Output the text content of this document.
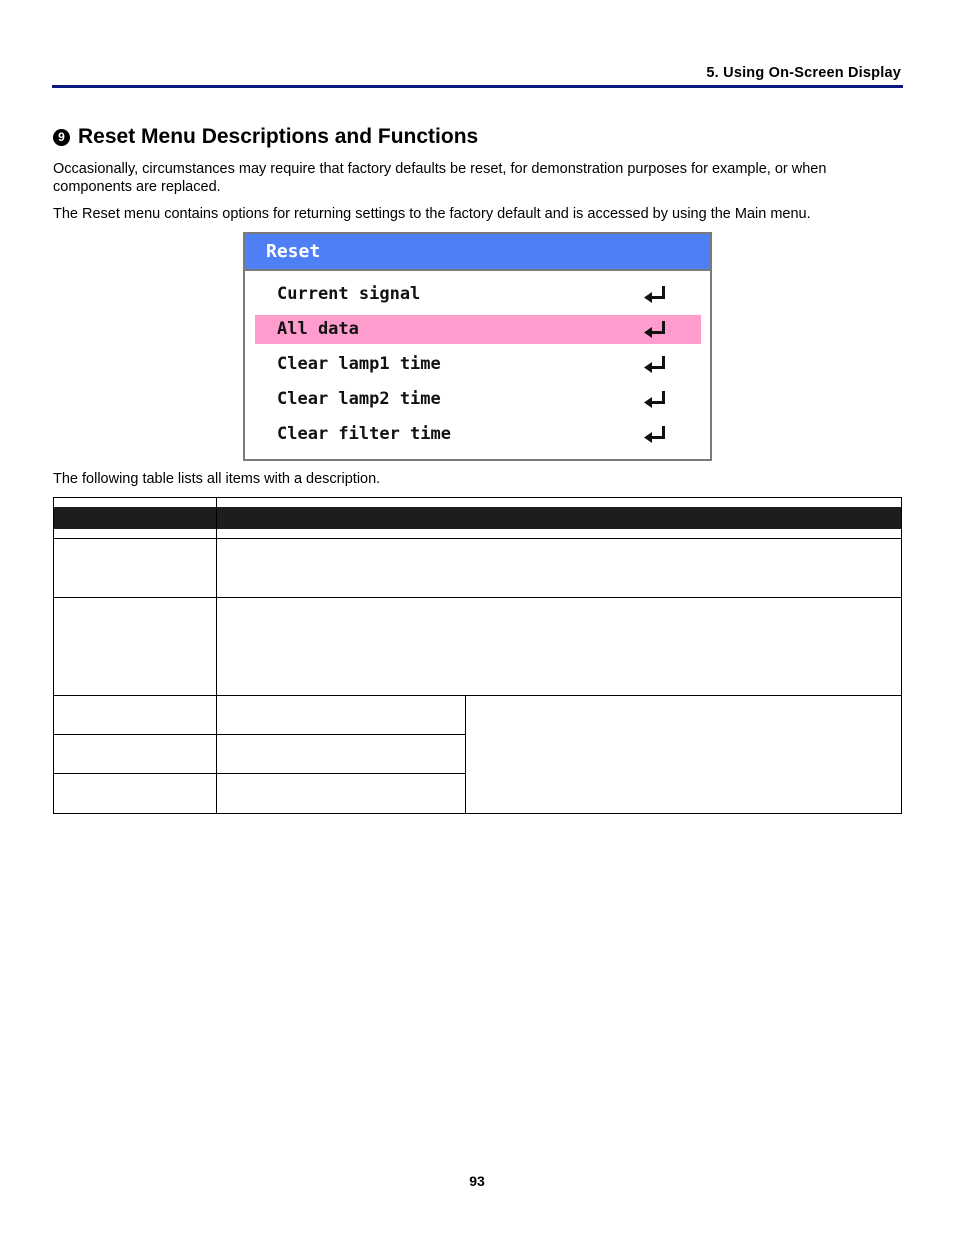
5. Using On-Screen Display
9 Reset Menu Descriptions and Functions
Occasionally, circumstances may require that factory defaults be reset, for demonstration purposes for example, or when components are replaced.
The Reset menu contains options for returning settings to the factory default and is accessed by using the Main menu.
Reset
Current signal
All data
Clear lamp1 time
Clear lamp2 time
Clear filter time
The following table lists all items with a description.

93
